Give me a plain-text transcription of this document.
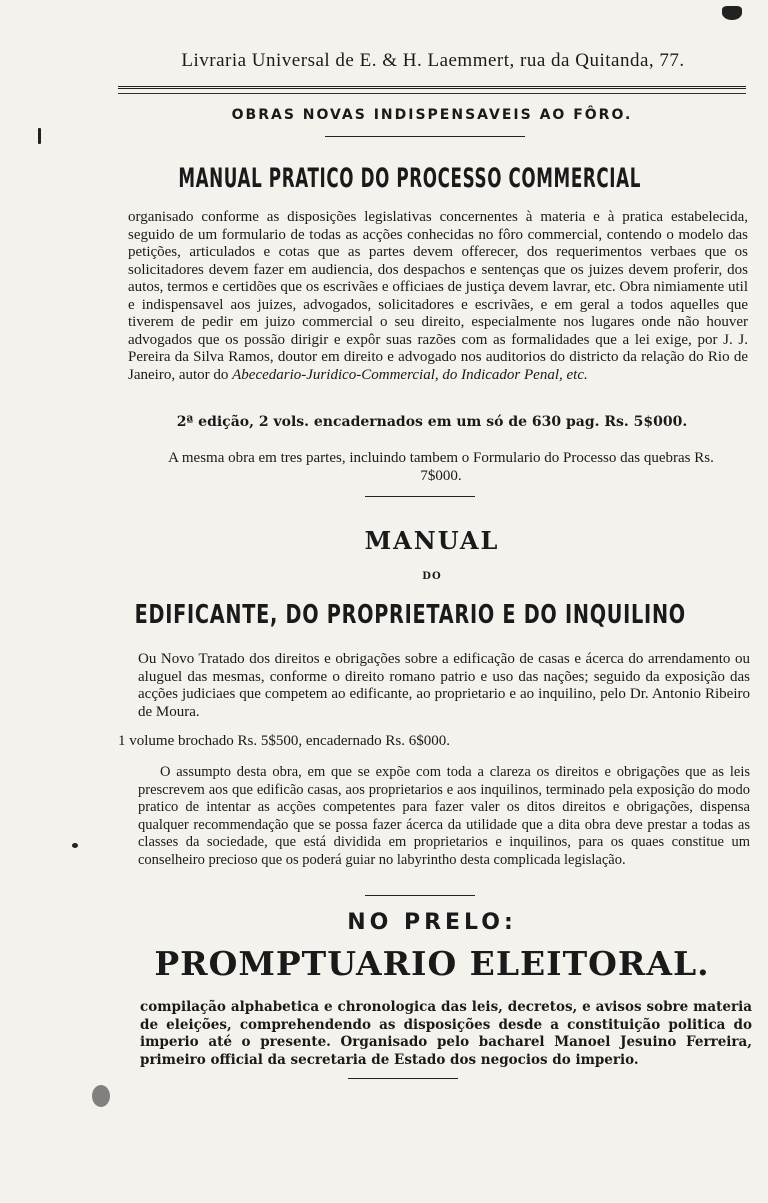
Livraria Universal de E. & H. Laemmert, rua da Quitanda, 77.
OBRAS NOVAS INDISPENSAVEIS AO FÔRO.
MANUAL PRATICO DO PROCESSO COMMERCIAL
organisado conforme as disposições legislativas concernentes à materia e à pratica estabelecida, seguido de um formulario de todas as acções conhecidas no fôro commercial, contendo o modelo das petições, articulados e cotas que as partes devem offerecer, dos requerimentos verbaes que os solicitadores devem fazer em audiencia, dos despachos e sentenças que os juizes devem proferir, dos autos, termos e certidões que os escrivães e officiaes de justiça devem lavrar, etc. Obra nimiamente util e indispensavel aos juizes, advogados, solicitadores e escrivães, e em geral a todos aquelles que tiverem de pedir em juizo commercial o seu direito, especialmente nos lugares onde não houver advogados que os possão dirigir e expôr suas razões com as formalidades que a lei exige, por J. J. Pereira da Silva Ramos, doutor em direito e advogado nos auditorios do districto da relação do Rio de Janeiro, autor do Abecedario-Juridico-Commercial, do Indicador Penal, etc.
2ª edição, 2 vols. encadernados em um só de 630 pag. Rs. 5$000.
A mesma obra em tres partes, incluindo tambem o Formulario do Processo das quebras Rs. 7$000.
MANUAL
DO
EDIFICANTE, DO PROPRIETARIO E DO INQUILINO
Ou Novo Tratado dos direitos e obrigações sobre a edificação de casas e ácerca do arrendamento ou aluguel das mesmas, conforme o direito romano patrio e uso das nações; seguido da exposição das acções judiciaes que competem ao edificante, ao proprietario e ao inquilino, pelo Dr. Antonio Ribeiro de Moura.
1 volume brochado Rs. 5$500, encadernado Rs. 6$000.
O assumpto desta obra, em que se expõe com toda a clareza os direitos e obrigações que as leis prescrevem aos que edificão casas, aos proprietarios e aos inquilinos, terminado pela exposição do modo pratico de intentar as acções competentes para fazer valer os ditos direitos e obrigações, dispensa qualquer recommendação que se possa fazer ácerca da utilidade que a dita obra deve prestar a todas as classes da sociedade, que está dividida em proprietarios e inquilinos, para os quaes constitue um conselheiro precioso que os poderá guiar no labyrintho desta complicada legislação.
NO PRELO:
PROMPTUARIO ELEITORAL.
compilação alphabetica e chronologica das leis, decretos, e avisos sobre materia de eleições, comprehendendo as disposições desde a constituição politica do imperio até o presente. Organisado pelo bacharel Manoel Jesuino Ferreira, primeiro official da secretaria de Estado dos negocios do imperio.
